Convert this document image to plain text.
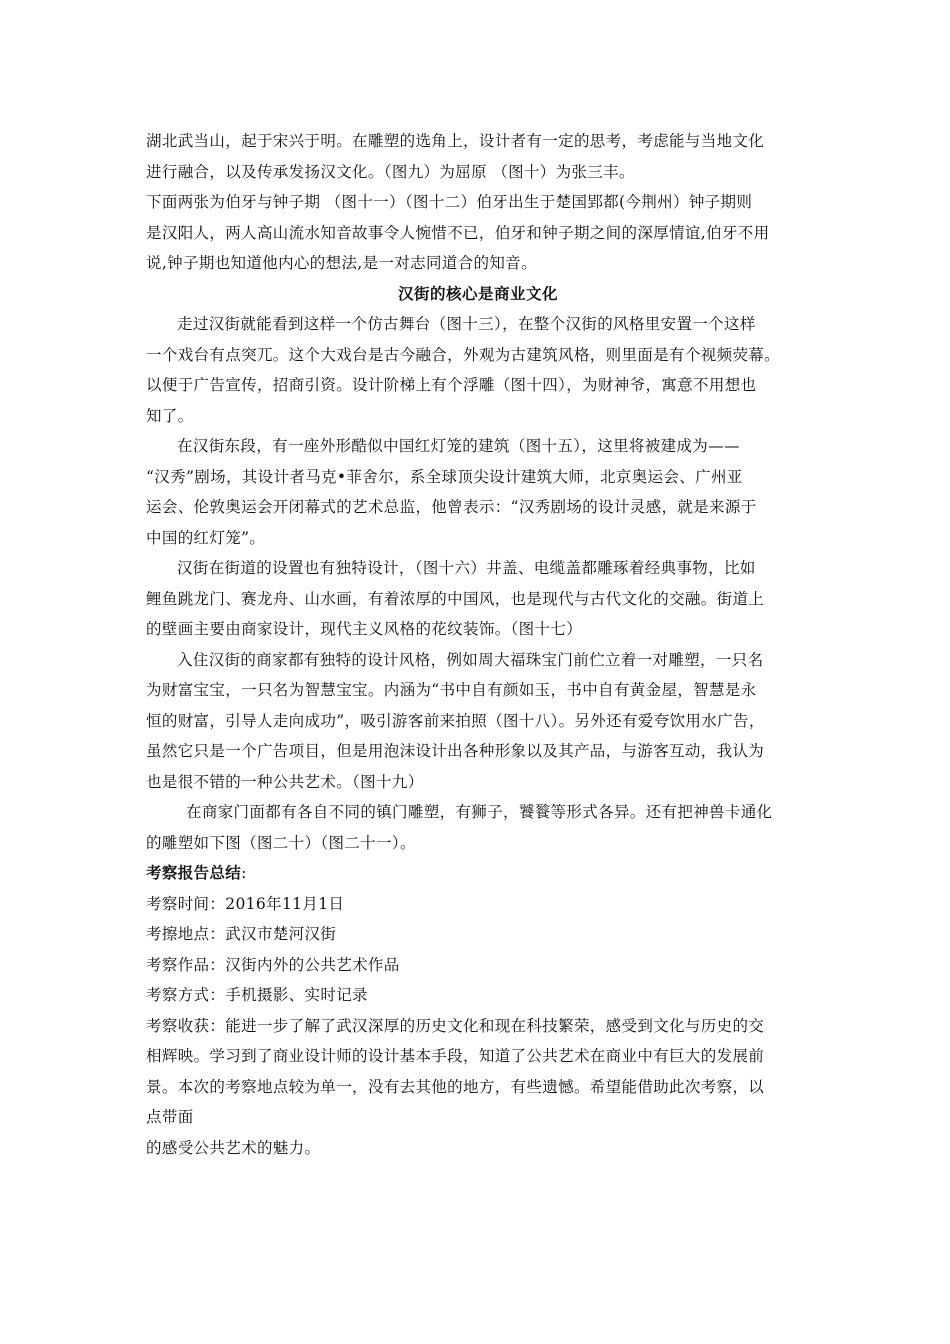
湖北武当山，起于宋兴于明。在雕塑的选角上，设计者有一定的思考，考虑能与当地文化
进行融合，以及传承发扬汉文化。（图九）为屈原 （图十）为张三丰。
下面两张为伯牙与钟子期 （图十一）（图十二）伯牙出生于楚国郢都(今荆州）钟子期则
是汉阳人，两人高山流水知音故事令人惋惜不已，伯牙和钟子期之间的深厚情谊,伯牙不用
说,钟子期也知道他内心的想法,是一对志同道合的知音。
汉街的核心是商业文化
走过汉街就能看到这样一个仿古舞台（图十三），在整个汉街的风格里安置一个这样
一个戏台有点突兀。这个大戏台是古今融合，外观为古建筑风格，则里面是有个视频荧幕。
以便于广告宣传，招商引资。设计阶梯上有个浮雕（图十四），为财神爷，寓意不用想也
知了。
在汉街东段，有一座外形酷似中国红灯笼的建筑（图十五），这里将被建成为——
“汉秀”剧场，其设计者马克•菲舍尔，系全球顶尖设计建筑大师，北京奥运会、广州亚
运会、伦敦奥运会开闭幕式的艺术总监，他曾表示：“汉秀剧场的设计灵感，就是来源于
中国的红灯笼”。
汉街在街道的设置也有独特设计，（图十六）井盖、电缆盖都雕琢着经典事物，比如
鲤鱼跳龙门、赛龙舟、山水画，有着浓厚的中国风，也是现代与古代文化的交融。街道上
的壁画主要由商家设计，现代主义风格的花纹装饰。（图十七）
入住汉街的商家都有独特的设计风格，例如周大福珠宝门前伫立着一对雕塑，一只名
为财富宝宝，一只名为智慧宝宝。内涵为“书中自有颜如玉，书中自有黄金屋，智慧是永
恒的财富，引导人走向成功”，吸引游客前来拍照（图十八）。另外还有爱夸饮用水广告，
虽然它只是一个广告项目，但是用泡沫设计出各种形象以及其产品，与游客互动，我认为
也是很不错的一种公共艺术。（图十九）
在商家门面都有各自不同的镇门雕塑，有狮子，饕餮等形式各异。还有把神兽卡通化
的雕塑如下图（图二十）（图二十一）。
考察报告总结:
考察时间：2016年11月1日
考擦地点：武汉市楚河汉街
考察作品：汉街内外的公共艺术作品
考察方式：手机摄影、实时记录
考察收获：能进一步了解了武汉深厚的历史文化和现在科技繁荣，感受到文化与历史的交
相辉映。学习到了商业设计师的设计基本手段，知道了公共艺术在商业中有巨大的发展前
景。本次的考察地点较为单一，没有去其他的地方，有些遗憾。希望能借助此次考察，以
点带面
的感受公共艺术的魅力。
